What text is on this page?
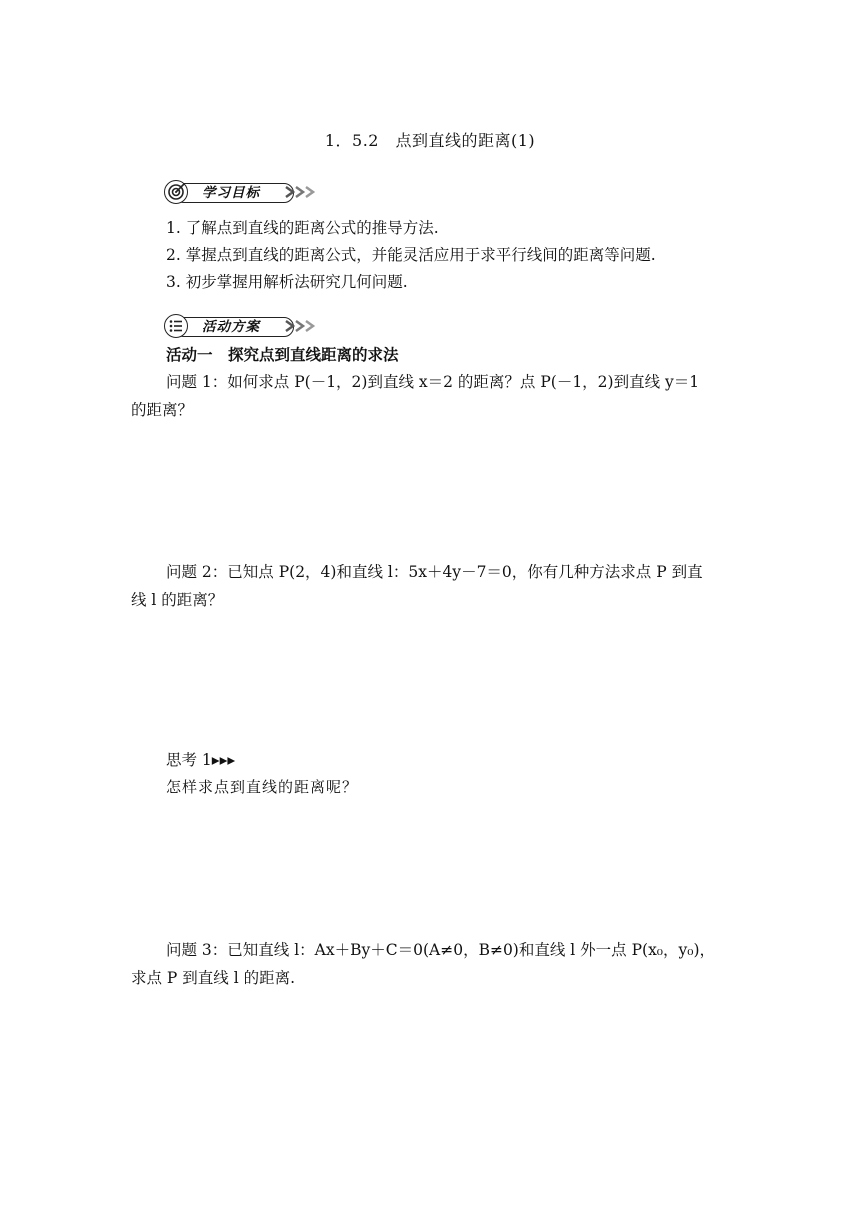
1．5.2　点到直线的距离(1)
学习目标
1. 了解点到直线的距离公式的推导方法.
2. 掌握点到直线的距离公式，并能灵活应用于求平行线间的距离等问题.
3. 初步掌握用解析法研究几何问题.
活动方案
活动一　探究点到直线距离的求法
问题 1：如何求点 P(－1，2)到直线 x＝2 的距离？点 P(－1，2)到直线 y＝1
的距离？
问题 2：已知点 P(2，4)和直线 l：5x＋4y－7＝0，你有几种方法求点 P 到直
线 l 的距离？
思考 1▸▸▸
怎样求点到直线的距离呢？
问题 3：已知直线 l：Ax＋By＋C＝0(A≠0，B≠0)和直线 l 外一点 P(x₀，y₀)，
求点 P 到直线 l 的距离.
